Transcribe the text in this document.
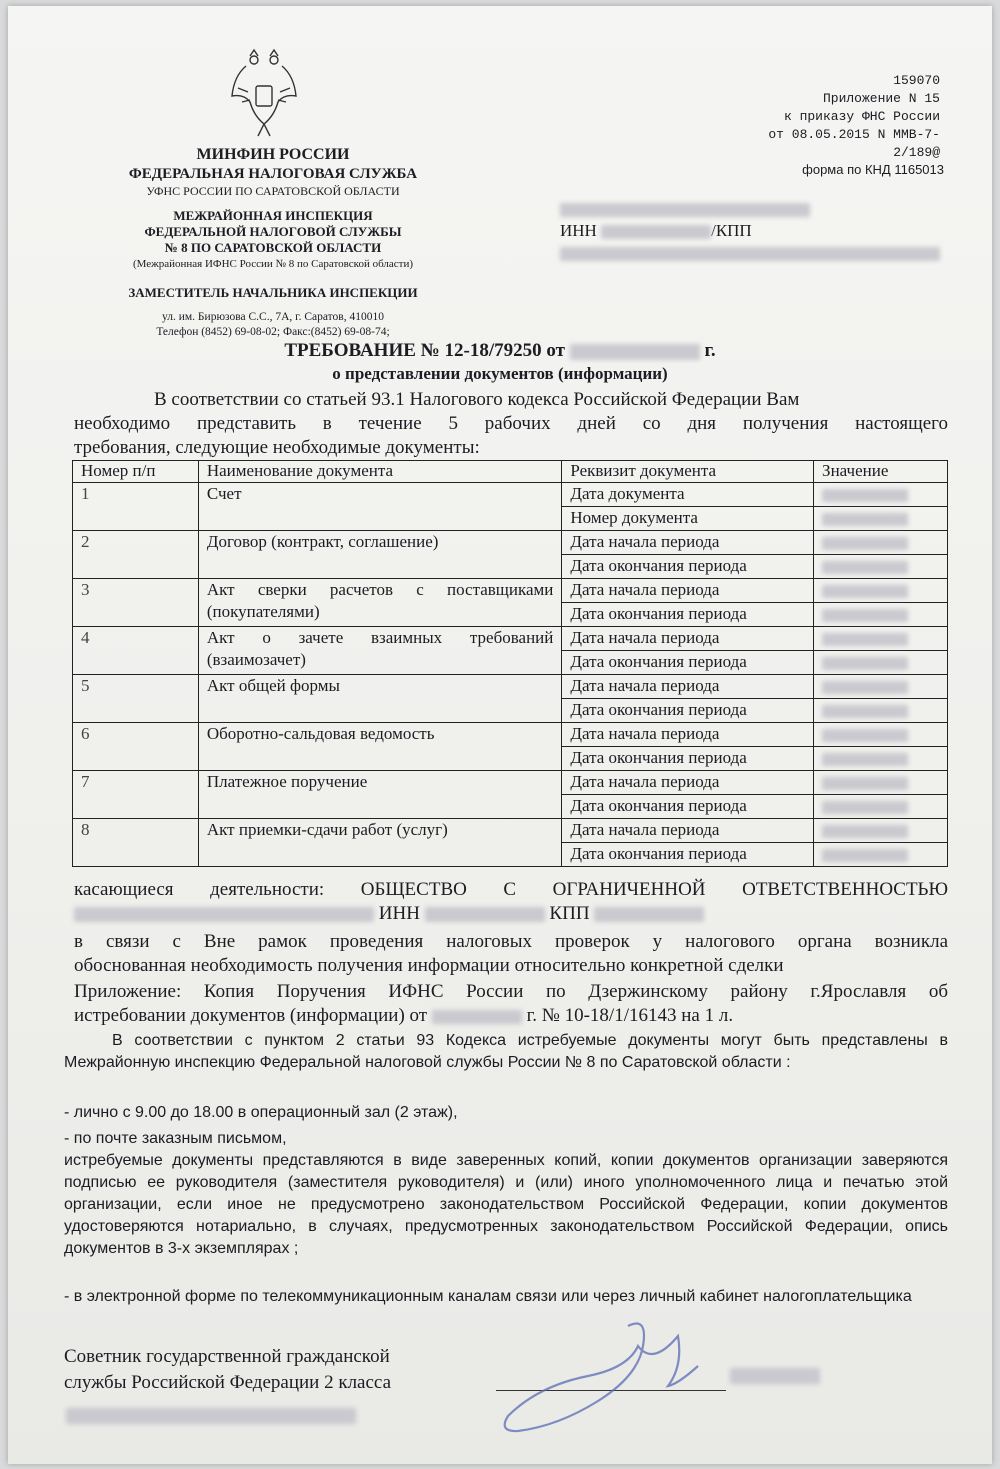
МИНФИН РОССИИ
ФЕДЕРАЛЬНАЯ НАЛОГОВАЯ СЛУЖБА
УФНС РОССИИ ПО САРАТОВСКОЙ ОБЛАСТИ
МЕЖРАЙОННАЯ ИНСПЕКЦИЯ
ФЕДЕРАЛЬНОЙ НАЛОГОВОЙ СЛУЖБЫ
№ 8 ПО САРАТОВСКОЙ ОБЛАСТИ
(Межрайонная ИФНС России № 8 по Саратовской области)
ЗАМЕСТИТЕЛЬ НАЧАЛЬНИКА ИНСПЕКЦИИ
ул. им. Бирюзова С.С., 7А, г. Саратов, 410010
Телефон (8452) 69-08-02; Факс:(8452) 69-08-74;
159070
Приложение N 15
к приказу ФНС России
от 08.05.2015 N ММВ-7-
2/189@
форма по КНД 1165013
ИНН	/КПП
ТРЕБОВАНИЕ № 12-18/79250 от	г.
о представлении документов (информации)
В соответствии со статьей 93.1 Налогового кодекса Российской Федерации Вам
необходимо представить в течение 5 рабочих дней со дня получения настоящего
требования, следующие необходимые документы:
Номер п/п	Наименование документа	Реквизит документа	Значение
1	Счет	Дата документа	
		Номер документа	
2	Договор (контракт, соглашение)	Дата начала периода	
		Дата окончания периода	
3	Акт сверки расчетов с поставщиками (покупателями)	Дата начала периода	
		Дата окончания периода	
4	Акт о зачете взаимных требований (взаимозачет)	Дата начала периода	
		Дата окончания периода	
5	Акт общей формы	Дата начала периода	
		Дата окончания периода	
6	Оборотно-сальдовая ведомость	Дата начала периода	
		Дата окончания периода	
7	Платежное поручение	Дата начала периода	
		Дата окончания периода	
8	Акт приемки-сдачи работ (услуг)	Дата начала периода	
		Дата окончания периода	
касающиеся деятельности: ОБЩЕСТВО С ОГРАНИЧЕННОЙ ОТВЕТСТВЕННОСТЬЮ
ИНН	КПП
в связи с Вне рамок проведения налоговых проверок у налогового органа возникла
обоснованная необходимость получения информации относительно конкретной сделки
Приложение: Копия Поручения ИФНС России по Дзержинскому району г.Ярославля об
истребовании документов (информации) от	г. № 10-18/1/16143 на 1 л.
В соответствии с пунктом 2 статьи 93 Кодекса истребуемые документы могут быть представлены в Межрайонную инспекцию Федеральной налоговой службы России № 8 по Саратовской области :
- лично с 9.00 до 18.00 в операционный зал (2 этаж),
- по почте заказным письмом,
истребуемые документы представляются в виде заверенных копий, копии документов организации заверяются подписью ее руководителя (заместителя руководителя) и (или) иного уполномоченного лица и печатью этой организации, если иное не предусмотрено законодательством Российской Федерации, копии документов удостоверяются нотариально, в случаях, предусмотренных законодательством Российской Федерации, опись документов в 3-х экземплярах ;
- в электронной форме по телекоммуникационным каналам связи или через личный кабинет налогоплательщика
Советник государственной гражданской
службы Российской Федерации 2 класса
